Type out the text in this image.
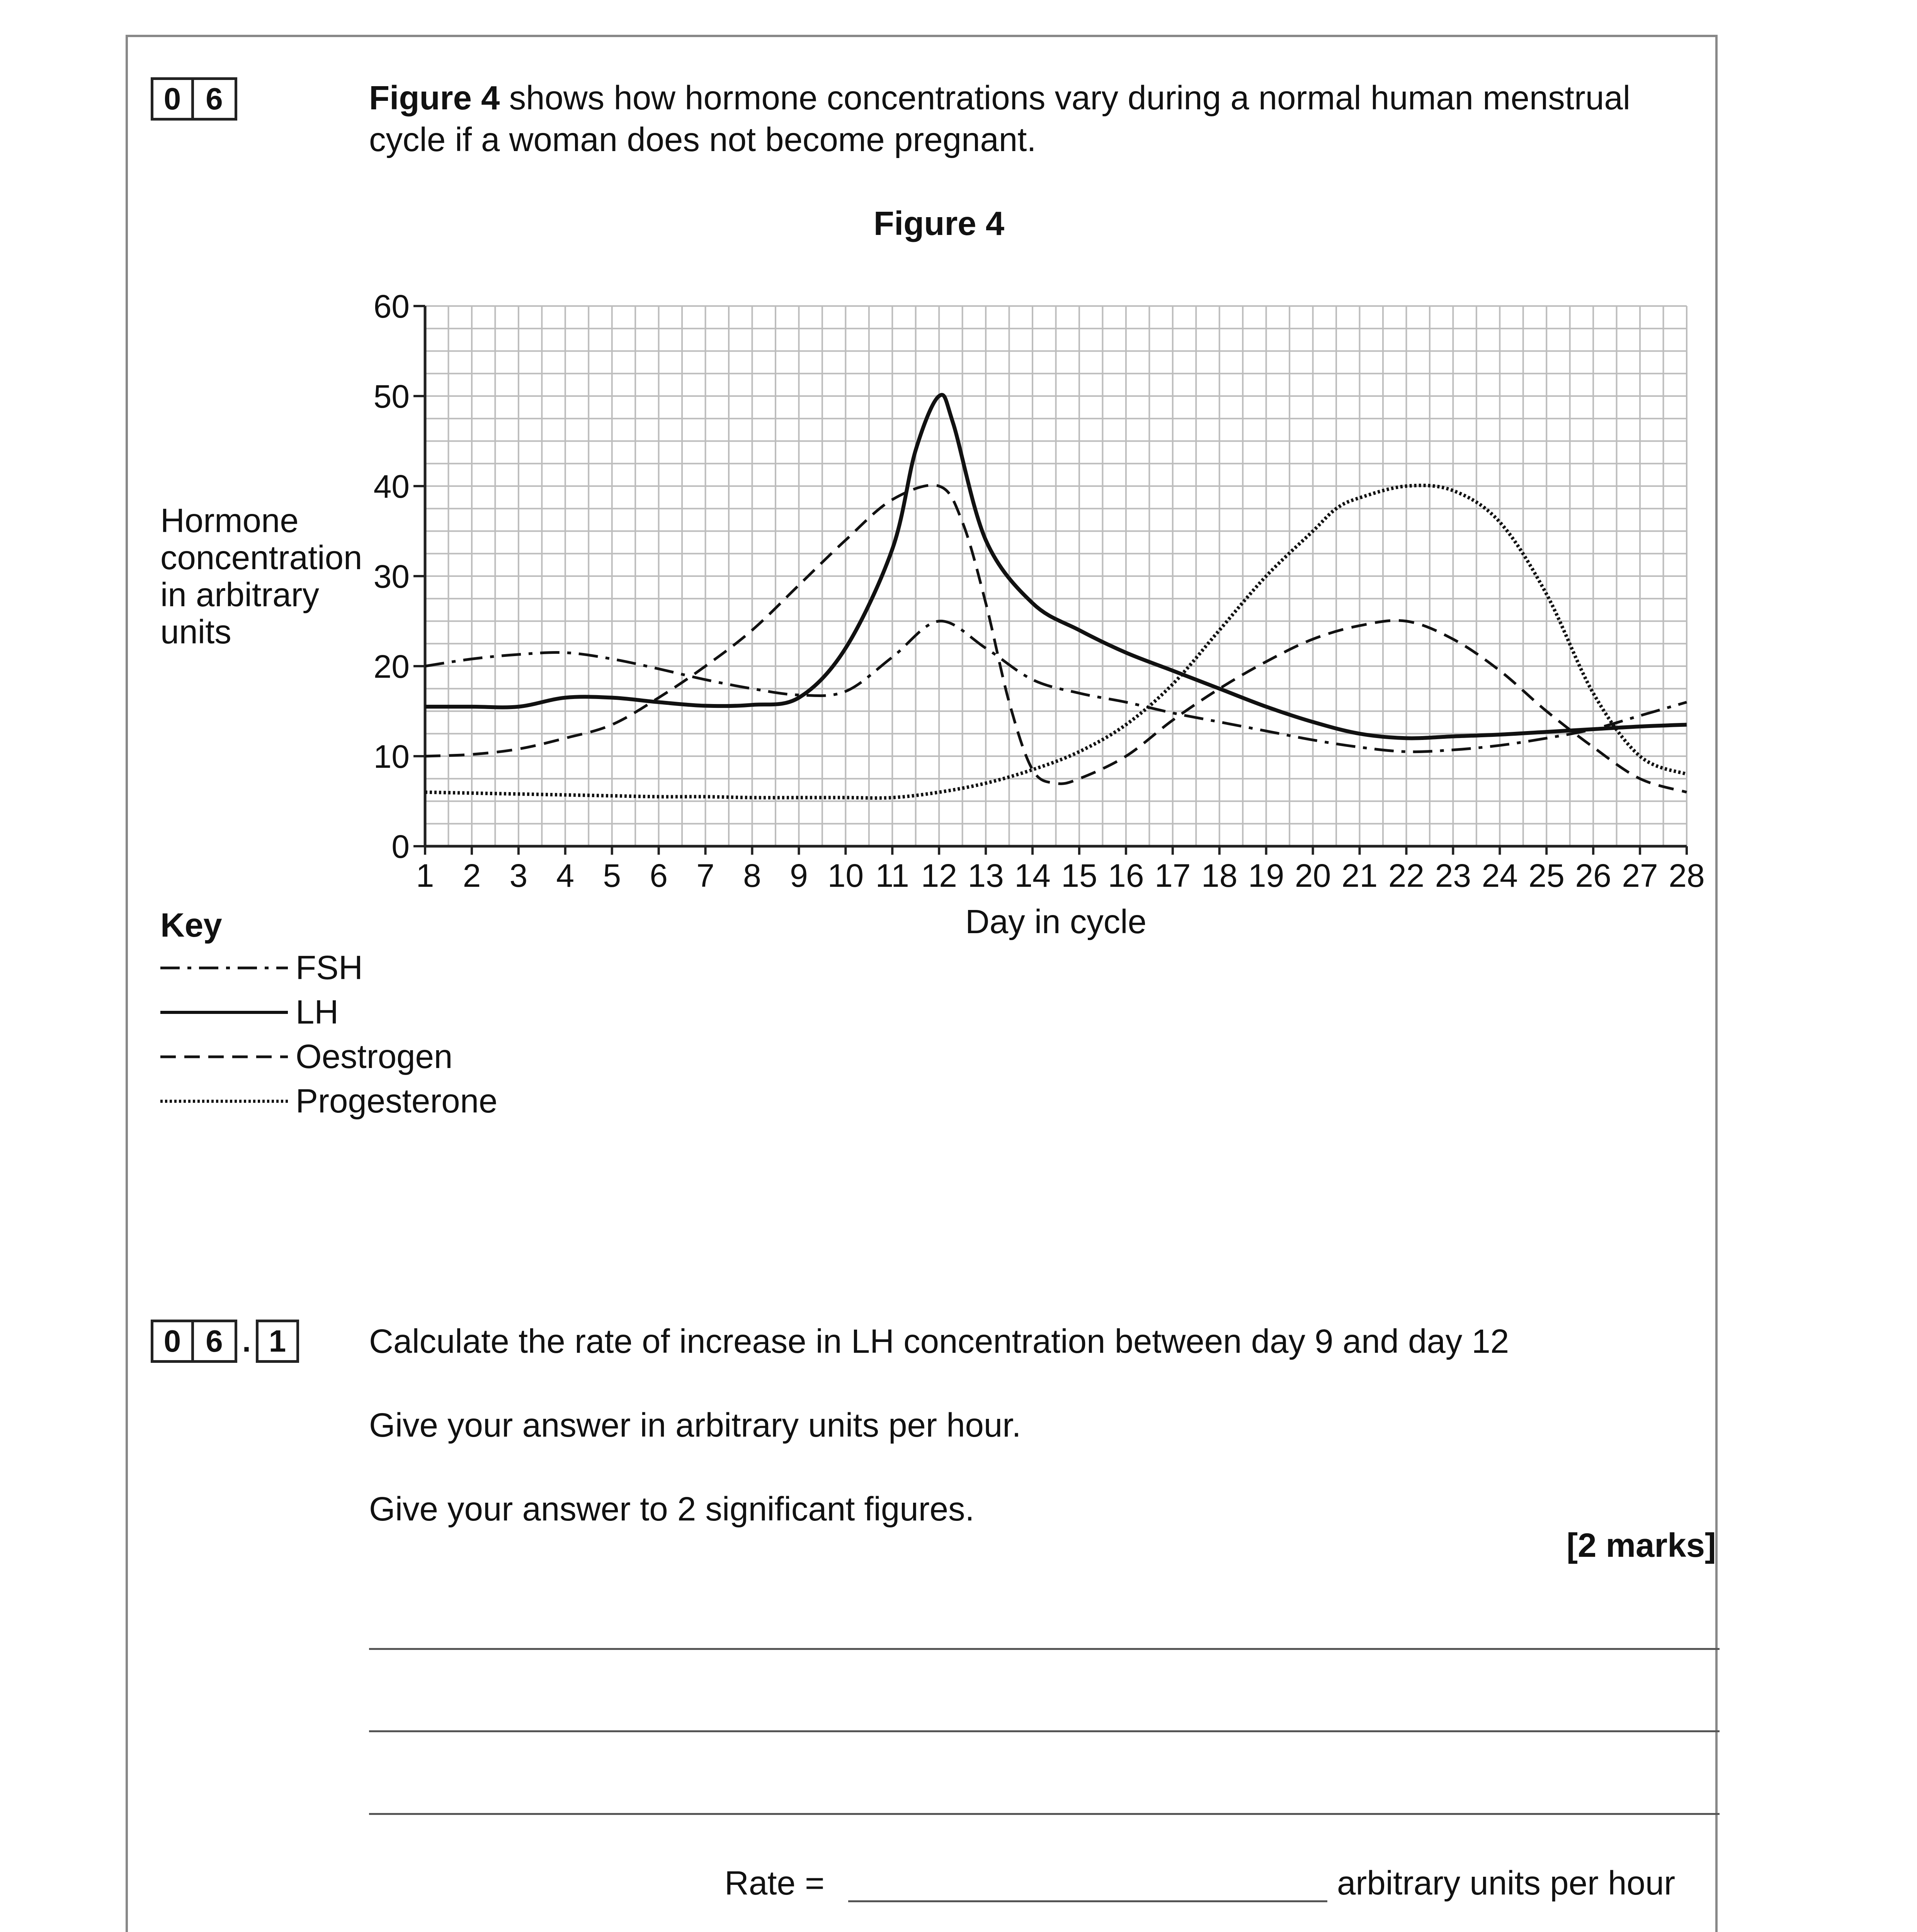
0 6	Figure 4 shows how hormone concentrations vary during a normal human menstrual
cycle if a woman does not become pregnant.
Figure 4
Hormone
concentration
in arbitrary
units
0
10
20
30
40
50
60
1 2 3 4 5 6 7 8 9 10 11 12 13 14 15 16 17 18 19 20 21 22 23 24 25 26 27 28
Day in cycle
Key
FSH
LH
Oestrogen
Progesterone
0 6 . 1	Calculate the rate of increase in LH concentration between day 9 and day 12
Give your answer in arbitrary units per hour.
Give your answer to 2 significant figures.
[2 marks]
Rate =	arbitrary units per hour
